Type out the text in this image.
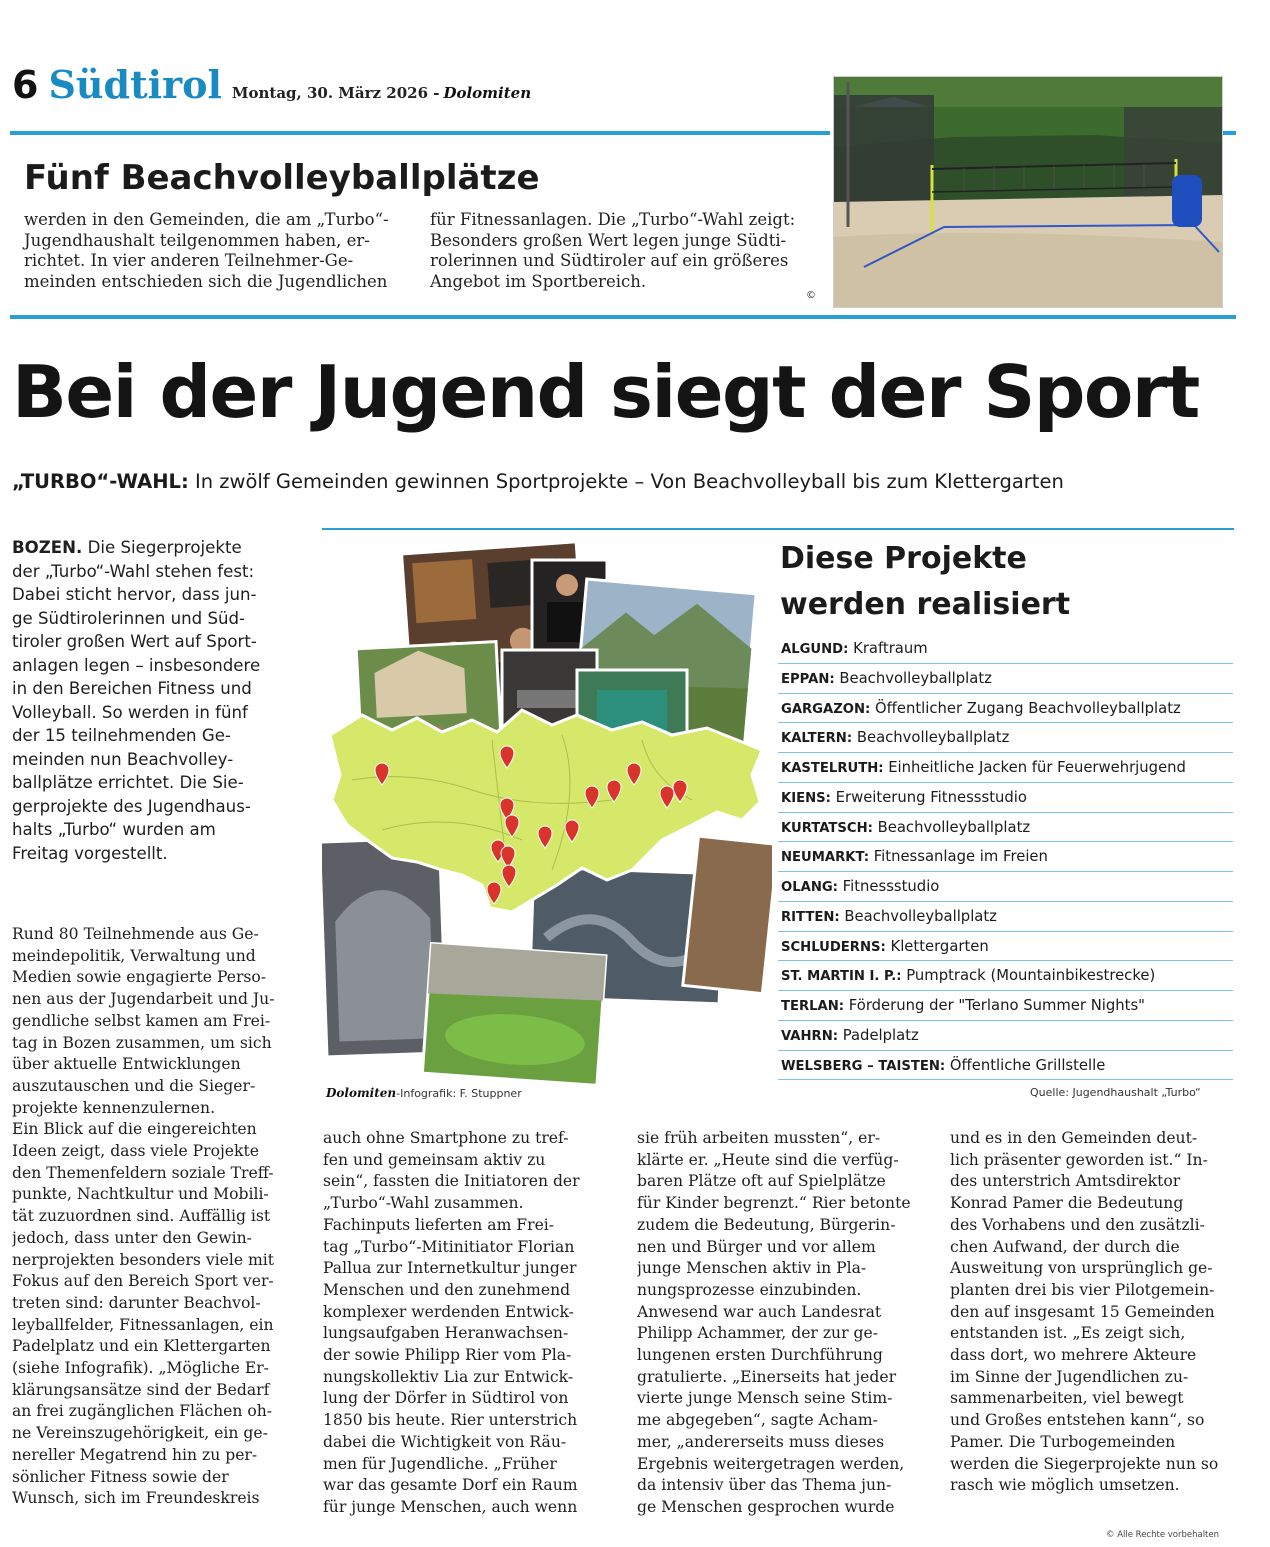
6 Südtirol Montag, 30. März 2026 - Dolomiten
Fünf Beachvolleyballplätze
werden in den Gemeinden, die am „Turbo“-
Jugendhaushalt teilgenommen haben, er-
richtet. In vier anderen Teilnehmer-Ge-
meinden entschieden sich die Jugendlichen
für Fitnessanlagen. Die „Turbo“-Wahl zeigt:
Besonders großen Wert legen junge Südti-
rolerinnen und Südtiroler auf ein größeres
Angebot im Sportbereich.
©
Bei der Jugend siegt der Sport
„TURBO“-WAHL: In zwölf Gemeinden gewinnen Sportprojekte – Von Beachvolleyball bis zum Klettergarten
BOZEN. Die Siegerprojekte
der „Turbo“-Wahl stehen fest:
Dabei sticht hervor, dass jun-
ge Südtirolerinnen und Süd-
tiroler großen Wert auf Sport-
anlagen legen – insbesondere
in den Bereichen Fitness und
Volleyball. So werden in fünf
der 15 teilnehmenden Ge-
meinden nun Beachvolley-
ballplätze errichtet. Die Sie-
gerprojekte des Jugendhaus-
halts „Turbo“ wurden am
Freitag vorgestellt.
Rund 80 Teilnehmende aus Ge-
meindepolitik, Verwaltung und
Medien sowie engagierte Perso-
nen aus der Jugendarbeit und Ju-
gendliche selbst kamen am Frei-
tag in Bozen zusammen, um sich
über aktuelle Entwicklungen
auszutauschen und die Sieger-
projekte kennenzulernen.
Ein Blick auf die eingereichten
Ideen zeigt, dass viele Projekte
den Themenfeldern soziale Treff-
punkte, Nachtkultur und Mobili-
tät zuzuordnen sind. Auffällig ist
jedoch, dass unter den Gewin-
nerprojekten besonders viele mit
Fokus auf den Bereich Sport ver-
treten sind: darunter Beachvol-
leyballfelder, Fitnessanlagen, ein
Padelplatz und ein Klettergarten
(siehe Infografik). „Mögliche Er-
klärungsansätze sind der Bedarf
an frei zugänglichen Flächen oh-
ne Vereinszugehörigkeit, ein ge-
nereller Megatrend hin zu per-
sönlicher Fitness sowie der
Wunsch, sich im Freundeskreis
Dolomiten-Infografik: F. Stuppner
Diese Projekte
werden realisiert
ALGUND: Kraftraum
EPPAN: Beachvolleyballplatz
GARGAZON: Öffentlicher Zugang Beachvolleyballplatz
KALTERN: Beachvolleyballplatz
KASTELRUTH: Einheitliche Jacken für Feuerwehrjugend
KIENS: Erweiterung Fitnessstudio
KURTATSCH: Beachvolleyballplatz
NEUMARKT: Fitnessanlage im Freien
OLANG: Fitnessstudio
RITTEN: Beachvolleyballplatz
SCHLUDERNS: Klettergarten
ST. MARTIN I. P.: Pumptrack (Mountainbikestrecke)
TERLAN: Förderung der "Terlano Summer Nights"
VAHRN: Padelplatz
WELSBERG – TAISTEN: Öffentliche Grillstelle
Quelle: Jugendhaushalt „Turbo“
auch ohne Smartphone zu tref-
fen und gemeinsam aktiv zu
sein“, fassten die Initiatoren der
„Turbo“-Wahl zusammen.
Fachinputs lieferten am Frei-
tag „Turbo“-Mitinitiator Florian
Pallua zur Internetkultur junger
Menschen und den zunehmend
komplexer werdenden Entwick-
lungsaufgaben Heranwachsen-
der sowie Philipp Rier vom Pla-
nungskollektiv Lia zur Entwick-
lung der Dörfer in Südtirol von
1850 bis heute. Rier unterstrich
dabei die Wichtigkeit von Räu-
men für Jugendliche. „Früher
war das gesamte Dorf ein Raum
für junge Menschen, auch wenn
sie früh arbeiten mussten“, er-
klärte er. „Heute sind die verfüg-
baren Plätze oft auf Spielplätze
für Kinder begrenzt.“ Rier betonte
zudem die Bedeutung, Bürgerin-
nen und Bürger und vor allem
junge Menschen aktiv in Pla-
nungsprozesse einzubinden.
Anwesend war auch Landesrat
Philipp Achammer, der zur ge-
lungenen ersten Durchführung
gratulierte. „Einerseits hat jeder
vierte junge Mensch seine Stim-
me abgegeben“, sagte Acham-
mer, „andererseits muss dieses
Ergebnis weitergetragen werden,
da intensiv über das Thema jun-
ge Menschen gesprochen wurde
und es in den Gemeinden deut-
lich präsenter geworden ist.“ In-
des unterstrich Amtsdirektor
Konrad Pamer die Bedeutung
des Vorhabens und den zusätzli-
chen Aufwand, der durch die
Ausweitung von ursprünglich ge-
planten drei bis vier Pilotgemein-
den auf insgesamt 15 Gemeinden
entstanden ist. „Es zeigt sich,
dass dort, wo mehrere Akteure
im Sinne der Jugendlichen zu-
sammenarbeiten, viel bewegt
und Großes entstehen kann“, so
Pamer. Die Turbogemeinden
werden die Siegerprojekte nun so
rasch wie möglich umsetzen.
© Alle Rechte vorbehalten
